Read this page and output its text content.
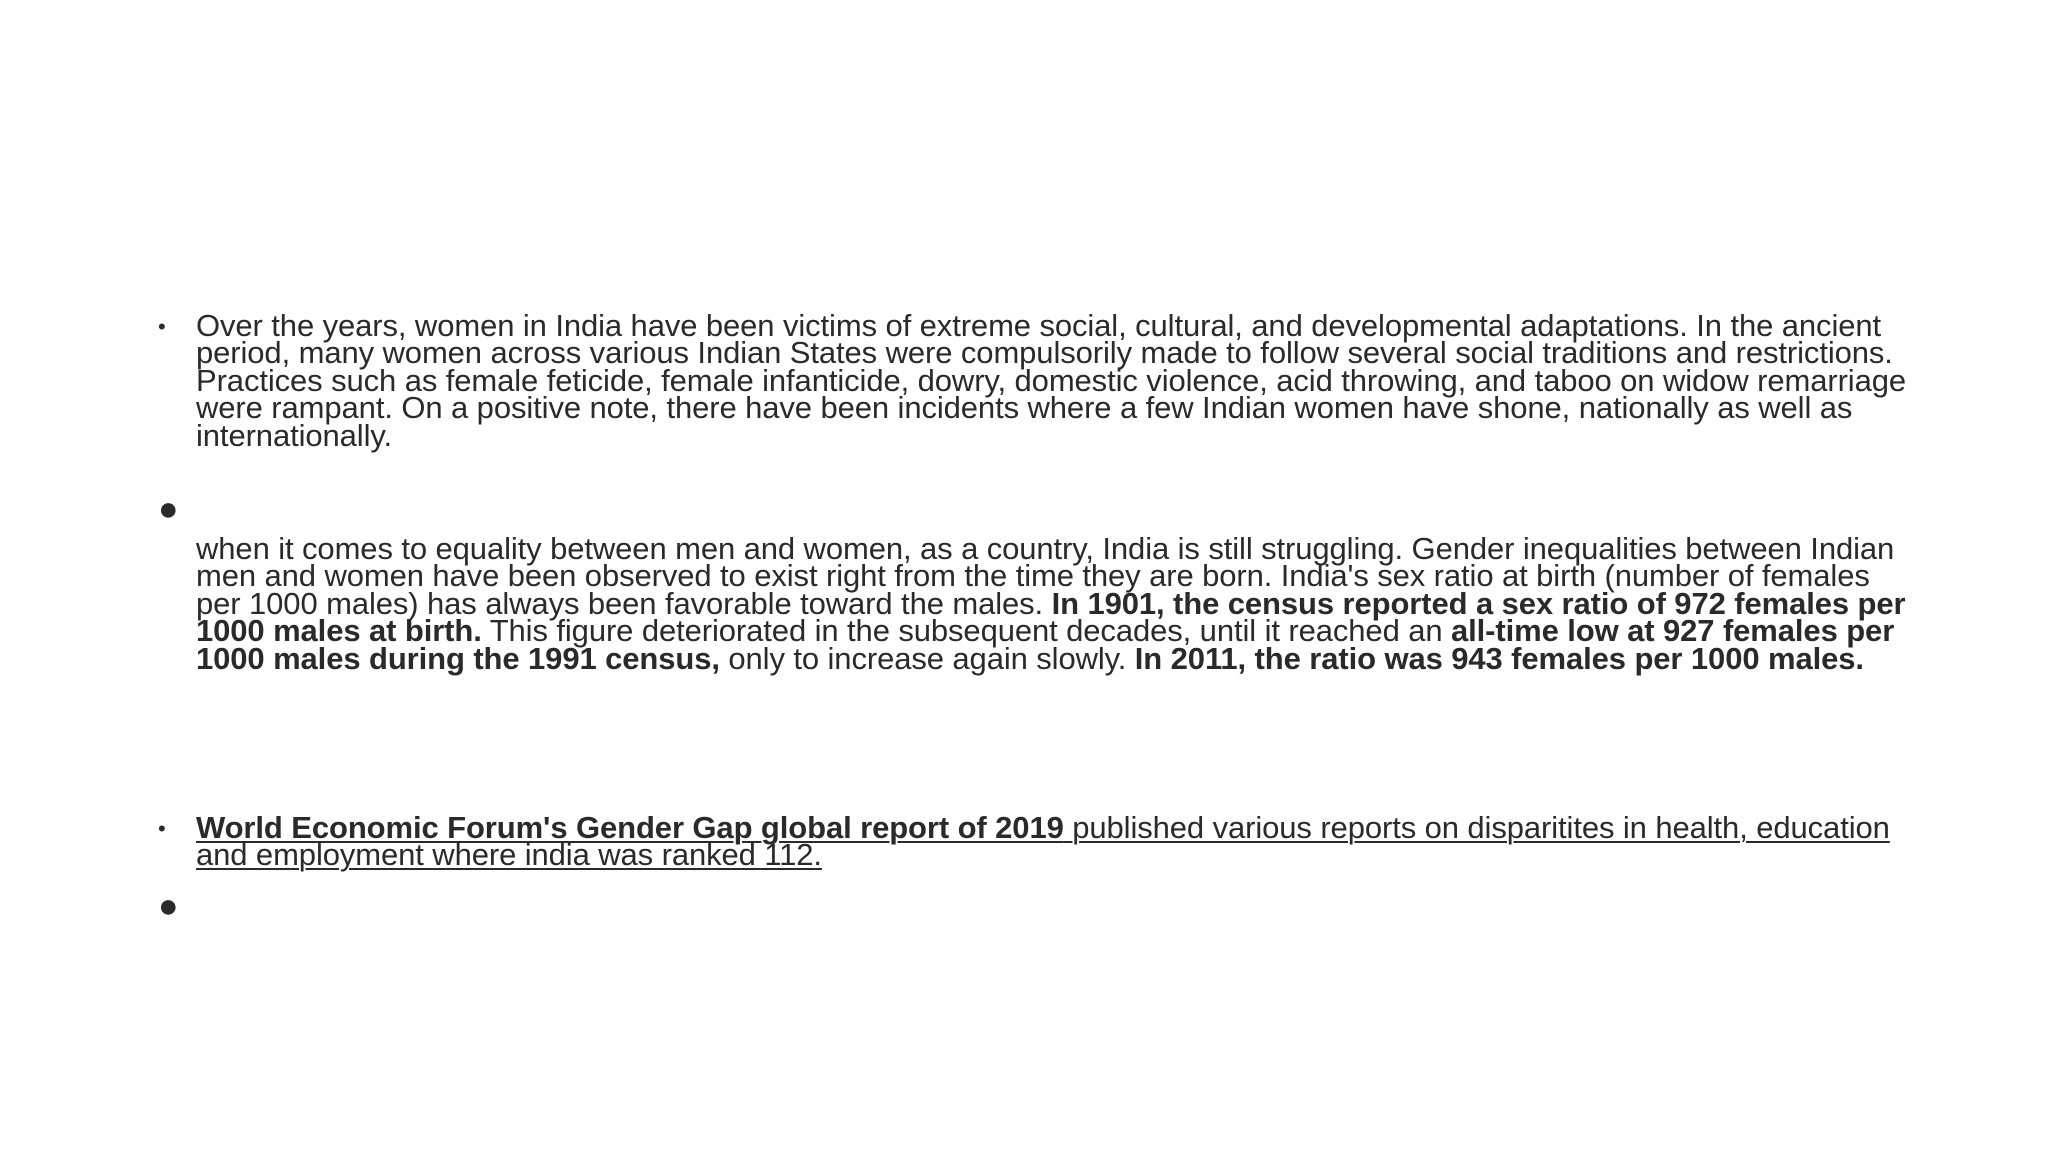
• Over the years, women in India have been victims of extreme social, cultural, and developmental adaptations. In the ancient period, many women across various Indian States were compulsorily made to follow several social traditions and restrictions. Practices such as female feticide, female infanticide, dowry, domestic violence, acid throwing, and taboo on widow remarriage were rampant. On a positive note, there have been incidents where a few Indian women have shone, nationally as well as internationally.

●

when it comes to equality between men and women, as a country, India is still struggling. Gender inequalities between Indian men and women have been observed to exist right from the time they are born. India's sex ratio at birth (number of females per 1000 males) has always been favorable toward the males. In 1901, the census reported a sex ratio of 972 females per 1000 males at birth. This figure deteriorated in the subsequent decades, until it reached an all-time low at 927 females per 1000 males during the 1991 census, only to increase again slowly. In 2011, the ratio was 943 females per 1000 males.

• World Economic Forum's Gender Gap global report of 2019 published various reports on disparitites in health, education and employment where india was ranked 112.

●
